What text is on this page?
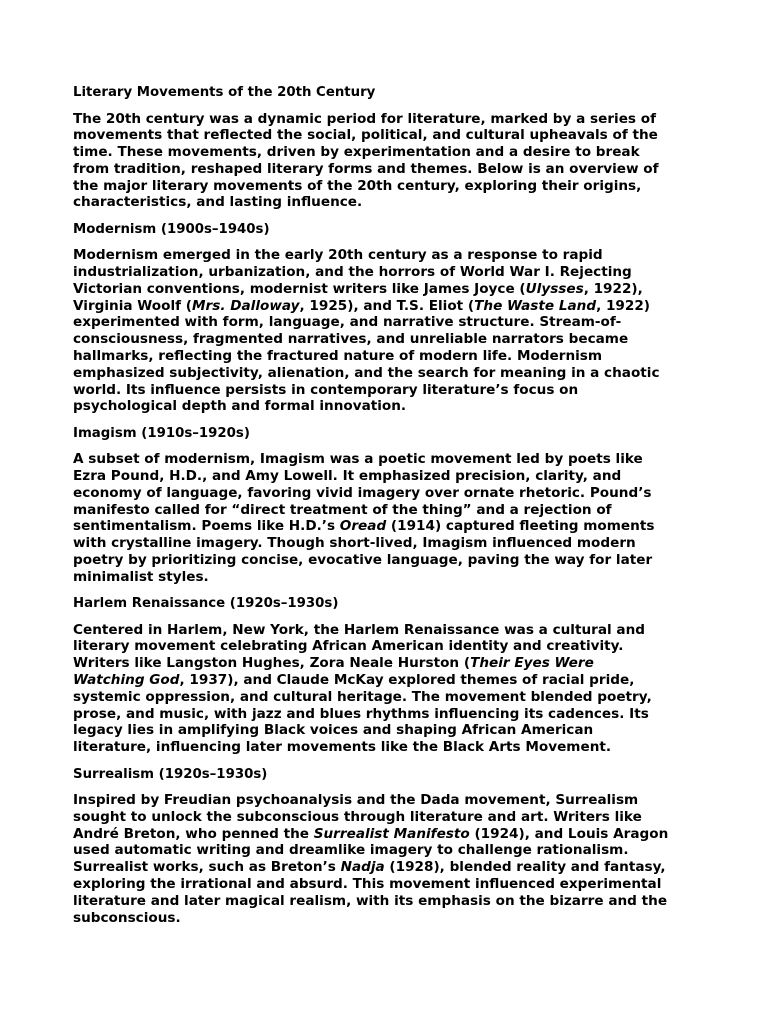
Literary Movements of the 20th Century
The 20th century was a dynamic period for literature, marked by a series of
movements that reflected the social, political, and cultural upheavals of the
time. These movements, driven by experimentation and a desire to break
from tradition, reshaped literary forms and themes. Below is an overview of
the major literary movements of the 20th century, exploring their origins,
characteristics, and lasting influence.
Modernism (1900s–1940s)
Modernism emerged in the early 20th century as a response to rapid
industrialization, urbanization, and the horrors of World War I. Rejecting
Victorian conventions, modernist writers like James Joyce (Ulysses, 1922),
Virginia Woolf (Mrs. Dalloway, 1925), and T.S. Eliot (The Waste Land, 1922)
experimented with form, language, and narrative structure. Stream-of-
consciousness, fragmented narratives, and unreliable narrators became
hallmarks, reflecting the fractured nature of modern life. Modernism
emphasized subjectivity, alienation, and the search for meaning in a chaotic
world. Its influence persists in contemporary literature’s focus on
psychological depth and formal innovation.
Imagism (1910s–1920s)
A subset of modernism, Imagism was a poetic movement led by poets like
Ezra Pound, H.D., and Amy Lowell. It emphasized precision, clarity, and
economy of language, favoring vivid imagery over ornate rhetoric. Pound’s
manifesto called for “direct treatment of the thing” and a rejection of
sentimentalism. Poems like H.D.’s Oread (1914) captured fleeting moments
with crystalline imagery. Though short-lived, Imagism influenced modern
poetry by prioritizing concise, evocative language, paving the way for later
minimalist styles.
Harlem Renaissance (1920s–1930s)
Centered in Harlem, New York, the Harlem Renaissance was a cultural and
literary movement celebrating African American identity and creativity.
Writers like Langston Hughes, Zora Neale Hurston (Their Eyes Were
Watching God, 1937), and Claude McKay explored themes of racial pride,
systemic oppression, and cultural heritage. The movement blended poetry,
prose, and music, with jazz and blues rhythms influencing its cadences. Its
legacy lies in amplifying Black voices and shaping African American
literature, influencing later movements like the Black Arts Movement.
Surrealism (1920s–1930s)
Inspired by Freudian psychoanalysis and the Dada movement, Surrealism
sought to unlock the subconscious through literature and art. Writers like
André Breton, who penned the Surrealist Manifesto (1924), and Louis Aragon
used automatic writing and dreamlike imagery to challenge rationalism.
Surrealist works, such as Breton’s Nadja (1928), blended reality and fantasy,
exploring the irrational and absurd. This movement influenced experimental
literature and later magical realism, with its emphasis on the bizarre and the
subconscious.
